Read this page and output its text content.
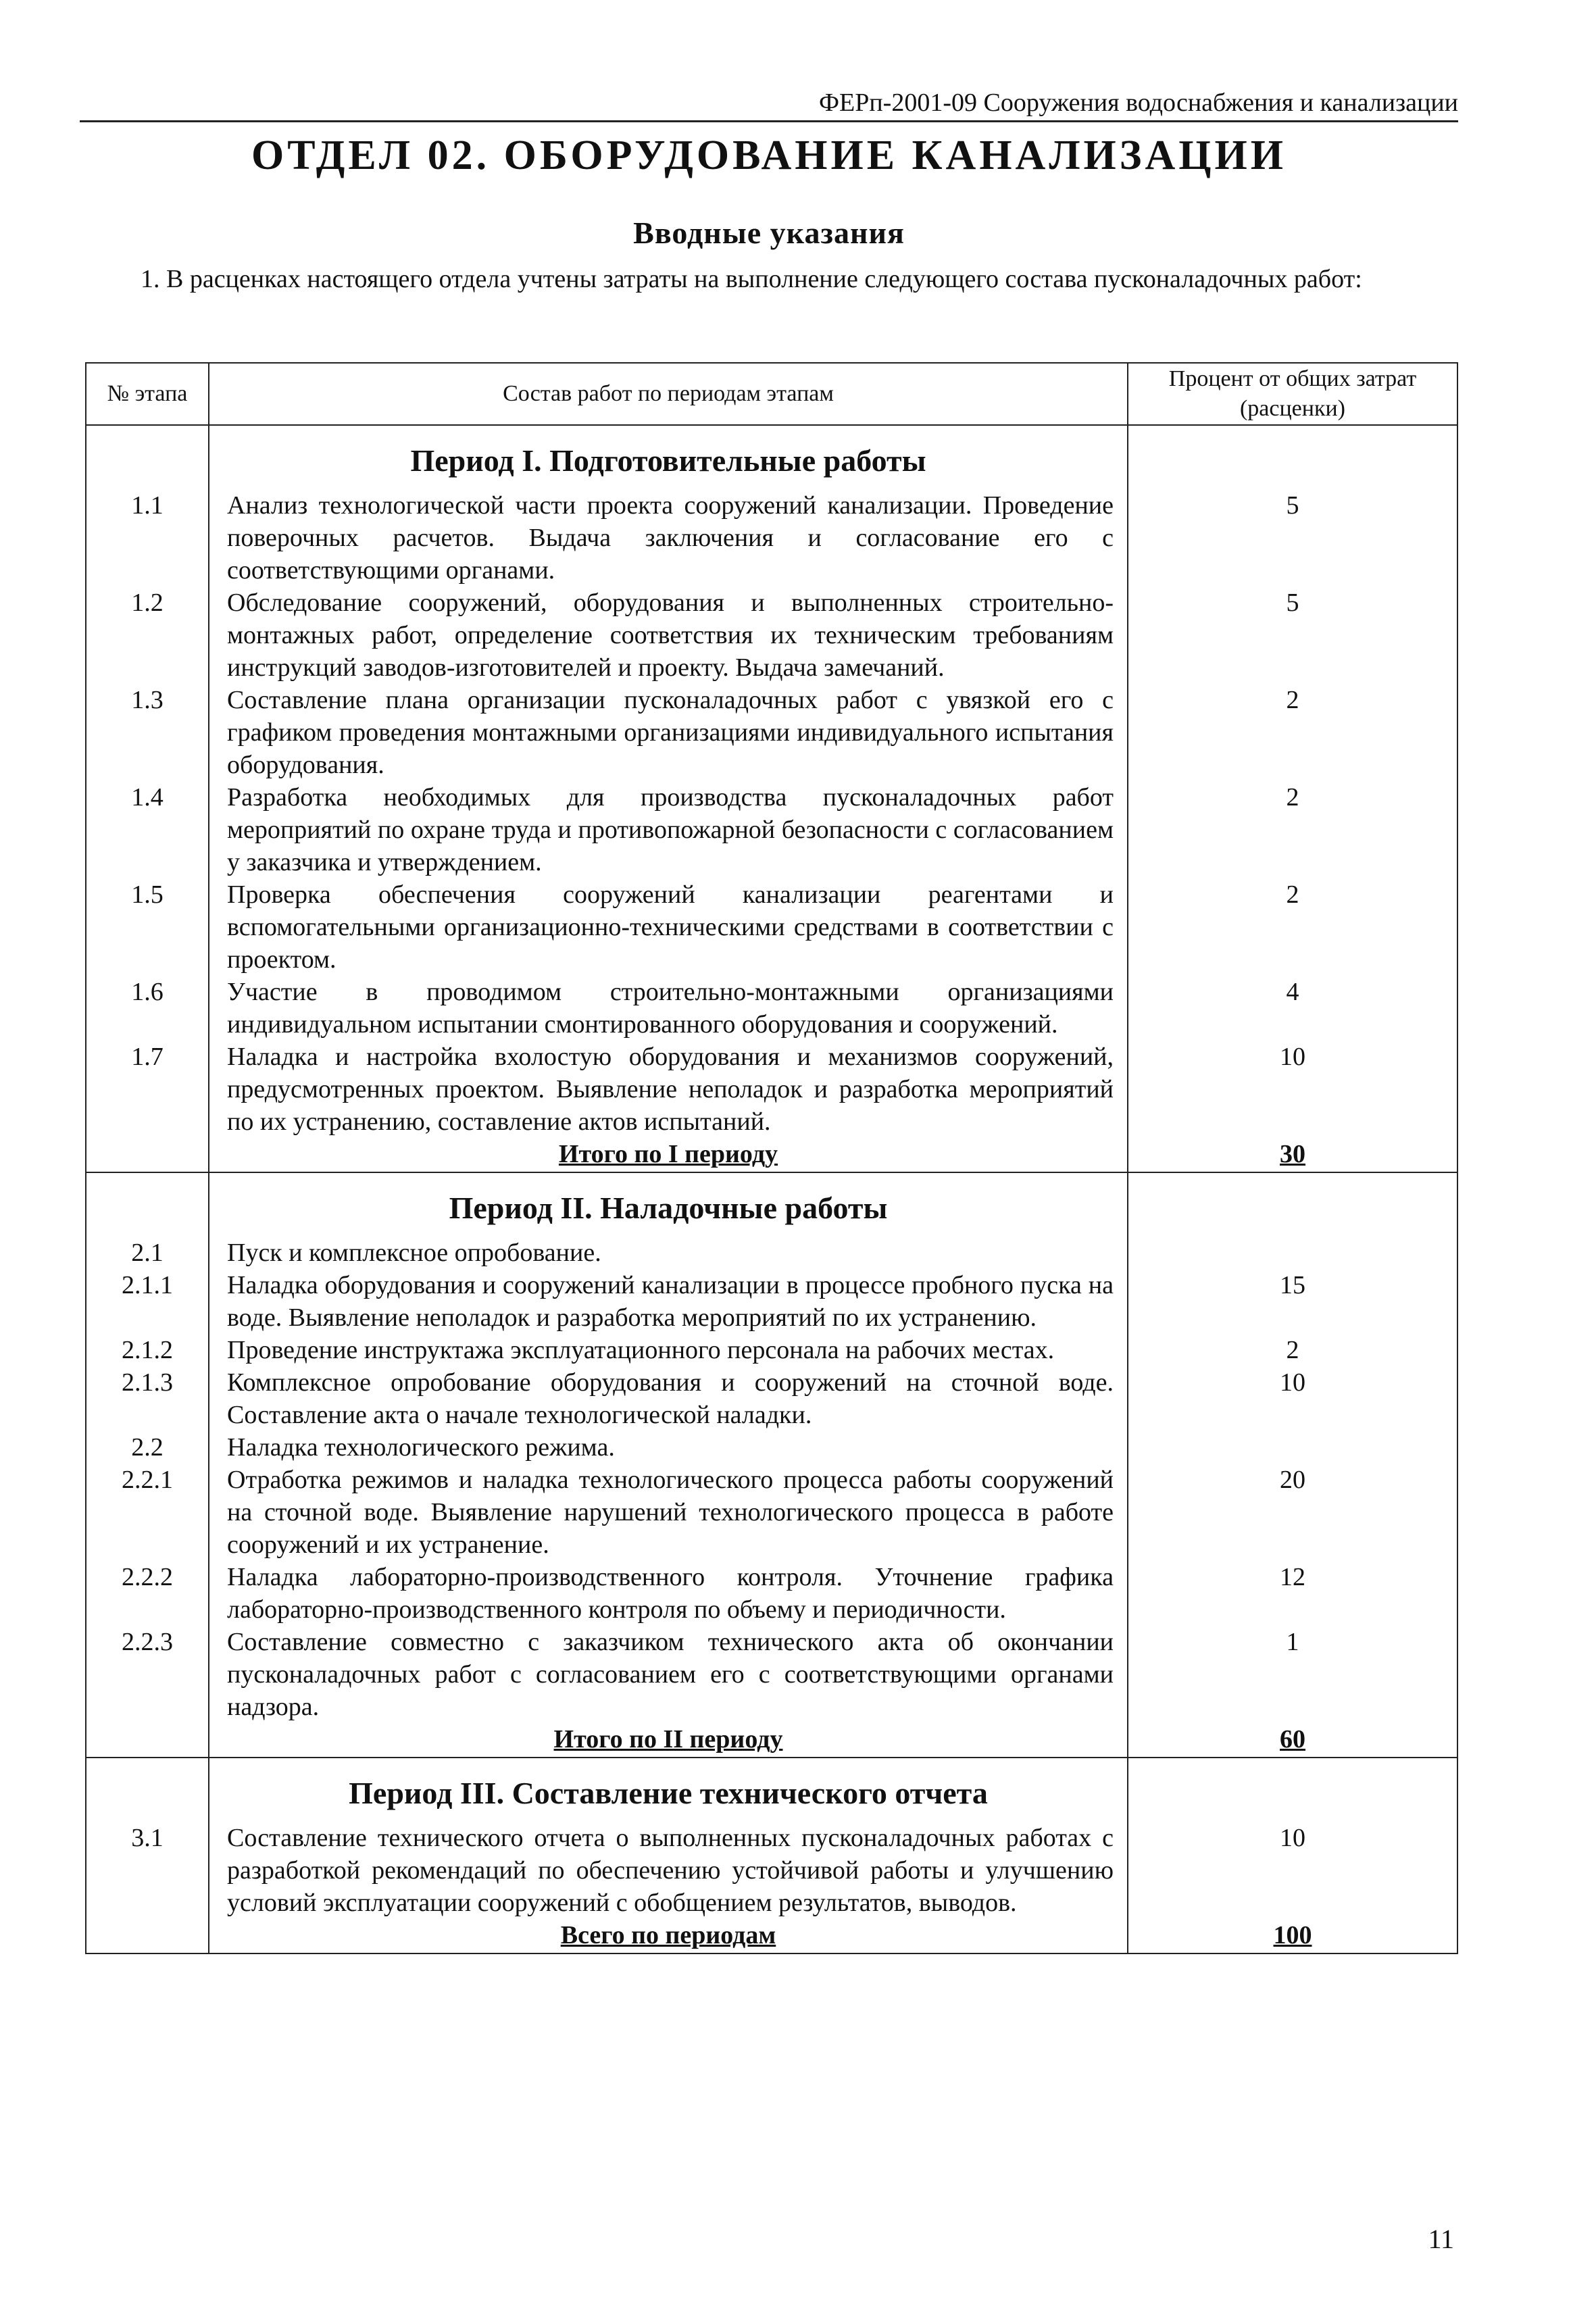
ФЕРп-2001-09 Сооружения водоснабжения и канализации
ОТДЕЛ 02. ОБОРУДОВАНИЕ КАНАЛИЗАЦИИ
Вводные указания
1. В расценках настоящего отдела учтены затраты на выполнение следующего состава пусконаладочных работ:
№ этапа	Состав работ по периодам этапам	Процент от общих затрат (расценки)
	Период I. Подготовительные работы	
1.1	Анализ технологической части проекта сооружений канализации. Проведение поверочных расчетов. Выдача заключения и согласование его с соответствующими органами.	5
1.2	Обследование сооружений, оборудования и выполненных строительно-монтажных работ, определение соответствия их техническим требованиям инструкций заводов-изготовителей и проекту. Выдача замечаний.	5
1.3	Составление плана организации пусконаладочных работ с увязкой его с графиком проведения монтажными организациями индивидуального испытания оборудования.	2
1.4	Разработка необходимых для производства пусконаладочных работ мероприятий по охране труда и противопожарной безопасности с согласованием у заказчика и утверждением.	2
1.5	Проверка обеспечения сооружений канализации реагентами и вспомогательными организационно-техническими средствами в соответствии с проектом.	2
1.6	Участие в проводимом строительно-монтажными организациями индивидуальном испытании смонтированного оборудования и сооружений.	4
1.7	Наладка и настройка вхолостую оборудования и механизмов сооружений, предусмотренных проектом. Выявление неполадок и разработка мероприятий по их устранению, составление актов испытаний.	10
	Итого по I периоду	30
	Период II. Наладочные работы	
2.1	Пуск и комплексное опробование.	
2.1.1	Наладка оборудования и сооружений канализации в процессе пробного пуска на воде. Выявление неполадок и разработка мероприятий по их устранению.	15
2.1.2	Проведение инструктажа эксплуатационного персонала на рабочих местах.	2
2.1.3	Комплексное опробование оборудования и сооружений на сточной воде. Составление акта о начале технологической наладки.	10
2.2	Наладка технологического режима.	
2.2.1	Отработка режимов и наладка технологического процесса работы сооружений на сточной воде. Выявление нарушений технологического процесса в работе сооружений и их устранение.	20
2.2.2	Наладка лабораторно-производственного контроля. Уточнение графика лабораторно-производственного контроля по объему и периодичности.	12
2.2.3	Составление совместно с заказчиком технического акта об окончании пусконаладочных работ с согласованием его с соответствующими органами надзора.	1
	Итого по II периоду	60
	Период III. Составление технического отчета	
3.1	Составление технического отчета о выполненных пусконаладочных работах с разработкой рекомендаций по обеспечению устойчивой работы и улучшению условий эксплуатации сооружений с обобщением результатов, выводов.	10
	Всего по периодам	100
11
